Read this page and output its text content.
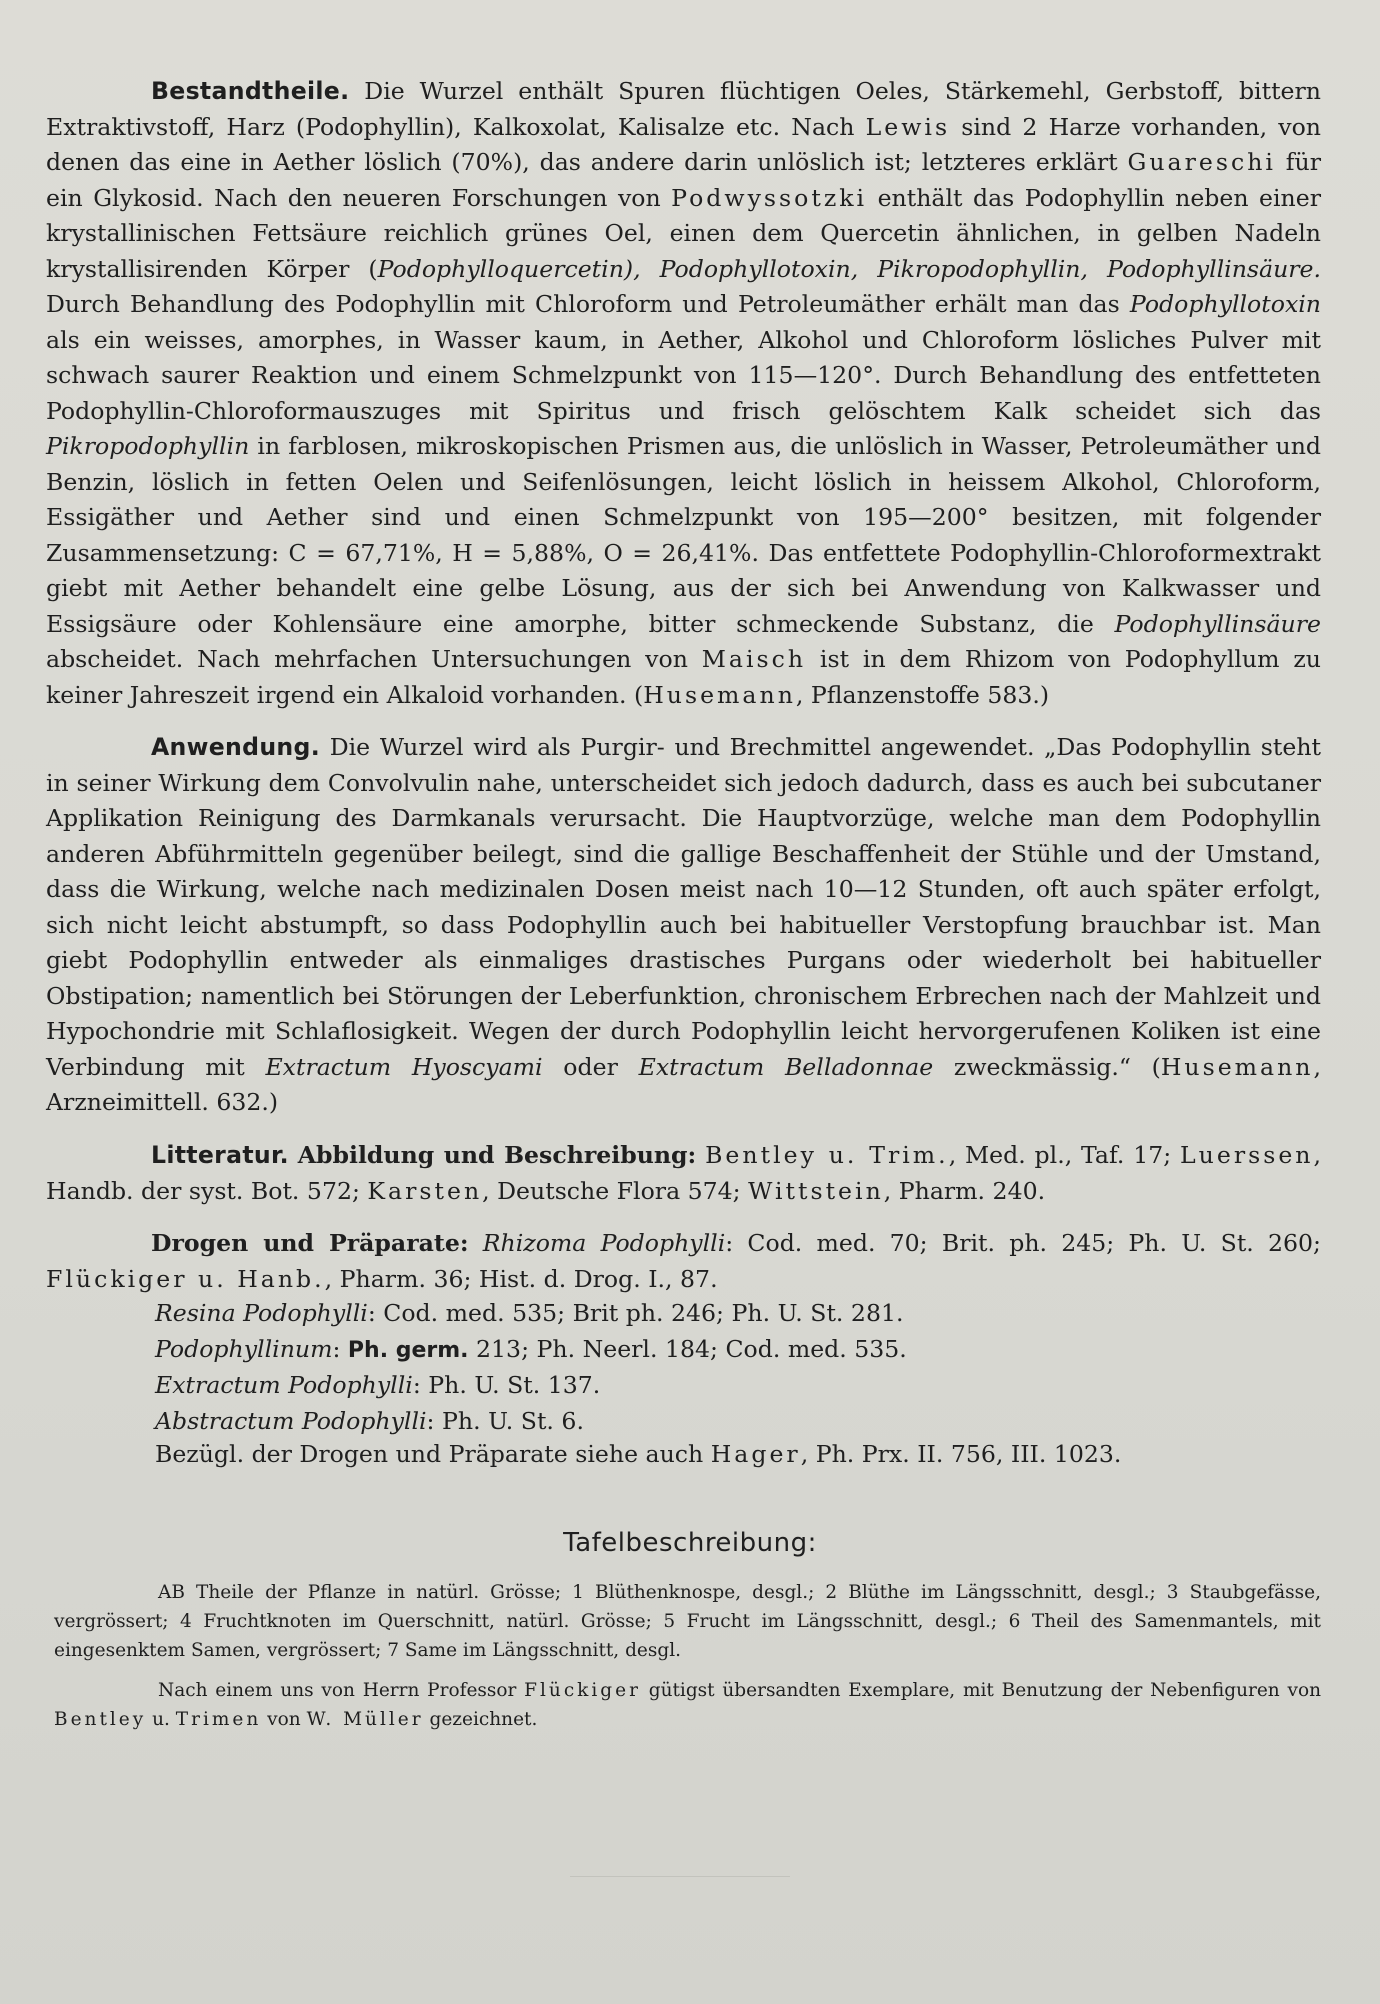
Bestandtheile. Die Wurzel enthält Spuren flüchtigen Oeles, Stärkemehl, Gerbstoff, bittern Extraktivstoff, Harz (Podophyllin), Kalkoxolat, Kalisalze etc. Nach Lewis sind 2 Harze vorhanden, von denen das eine in Aether löslich (70%), das andere darin unlöslich ist; letzteres erklärt Guareschi für ein Glykosid. Nach den neueren Forschungen von Podwyssotzki enthält das Podophyllin neben einer krystallinischen Fettsäure reichlich grünes Oel, einen dem Quercetin ähnlichen, in gelben Nadeln krystallisirenden Körper (Podophylloquercetin), Podophyllotoxin, Pikropodophyllin, Podophyllinsäure. Durch Behandlung des Podophyllin mit Chloroform und Petroleumäther erhält man das Podophyllotoxin als ein weisses, amorphes, in Wasser kaum, in Aether, Alkohol und Chloroform lösliches Pulver mit schwach saurer Reaktion und einem Schmelzpunkt von 115—120°. Durch Behandlung des entfetteten Podophyllin-Chloroformauszuges mit Spiritus und frisch gelöschtem Kalk scheidet sich das Pikropodophyllin in farblosen, mikroskopischen Prismen aus, die unlöslich in Wasser, Petroleumäther und Benzin, löslich in fetten Oelen und Seifenlösungen, leicht löslich in heissem Alkohol, Chloroform, Essigäther und Aether sind und einen Schmelzpunkt von 195—200° besitzen, mit folgender Zusammensetzung: C = 67,71%, H = 5,88%, O = 26,41%. Das entfettete Podophyllin-Chloroformextrakt giebt mit Aether behandelt eine gelbe Lösung, aus der sich bei Anwendung von Kalkwasser und Essigsäure oder Kohlensäure eine amorphe, bitter schmeckende Substanz, die Podophyllinsäure abscheidet. Nach mehrfachen Untersuchungen von Maisch ist in dem Rhizom von Podophyllum zu keiner Jahreszeit irgend ein Alkaloid vorhanden. (Husemann, Pflanzenstoffe 583.)

Anwendung. Die Wurzel wird als Purgir- und Brechmittel angewendet. „Das Podophyllin steht in seiner Wirkung dem Convolvulin nahe, unterscheidet sich jedoch dadurch, dass es auch bei subcutaner Applikation Reinigung des Darmkanals verursacht. Die Hauptvorzüge, welche man dem Podophyllin anderen Abführmitteln gegenüber beilegt, sind die gallige Beschaffenheit der Stühle und der Umstand, dass die Wirkung, welche nach medizinalen Dosen meist nach 10—12 Stunden, oft auch später erfolgt, sich nicht leicht abstumpft, so dass Podophyllin auch bei habitueller Verstopfung brauchbar ist. Man giebt Podophyllin entweder als einmaliges drastisches Purgans oder wiederholt bei habitueller Obstipation; namentlich bei Störungen der Leberfunktion, chronischem Erbrechen nach der Mahlzeit und Hypochondrie mit Schlaflosigkeit. Wegen der durch Podophyllin leicht hervorgerufenen Koliken ist eine Verbindung mit Extractum Hyoscyami oder Extractum Belladonnae zweckmässig.“ (Husemann, Arzneimittell. 632.)

Litteratur. Abbildung und Beschreibung: Bentley u. Trim., Med. pl., Taf. 17; Luerssen, Handb. der syst. Bot. 572; Karsten, Deutsche Flora 574; Wittstein, Pharm. 240.

Drogen und Präparate: Rhizoma Podophylli: Cod. med. 70; Brit. ph. 245; Ph. U. St. 260; Flückiger u. Hanb., Pharm. 36; Hist. d. Drog. I., 87.

Resina Podophylli: Cod. med. 535; Brit ph. 246; Ph. U. St. 281.
Podophyllinum: Ph. germ. 213; Ph. Neerl. 184; Cod. med. 535.
Extractum Podophylli: Ph. U. St. 137.
Abstractum Podophylli: Ph. U. St. 6.
Bezügl. der Drogen und Präparate siehe auch Hager, Ph. Prx. II. 756, III. 1023.
Tafelbeschreibung:

AB Theile der Pflanze in natürl. Grösse; 1 Blüthenknospe, desgl.; 2 Blüthe im Längsschnitt, desgl.; 3 Staubgefässe, vergrössert; 4 Fruchtknoten im Querschnitt, natürl. Grösse; 5 Frucht im Längsschnitt, desgl.; 6 Theil des Samenmantels, mit eingesenktem Samen, vergrössert; 7 Same im Längsschnitt, desgl.

Nach einem uns von Herrn Professor Flückiger gütigst übersandten Exemplare, mit Benutzung der Nebenfiguren von Bentley u. Trimen von W. Müller gezeichnet.
